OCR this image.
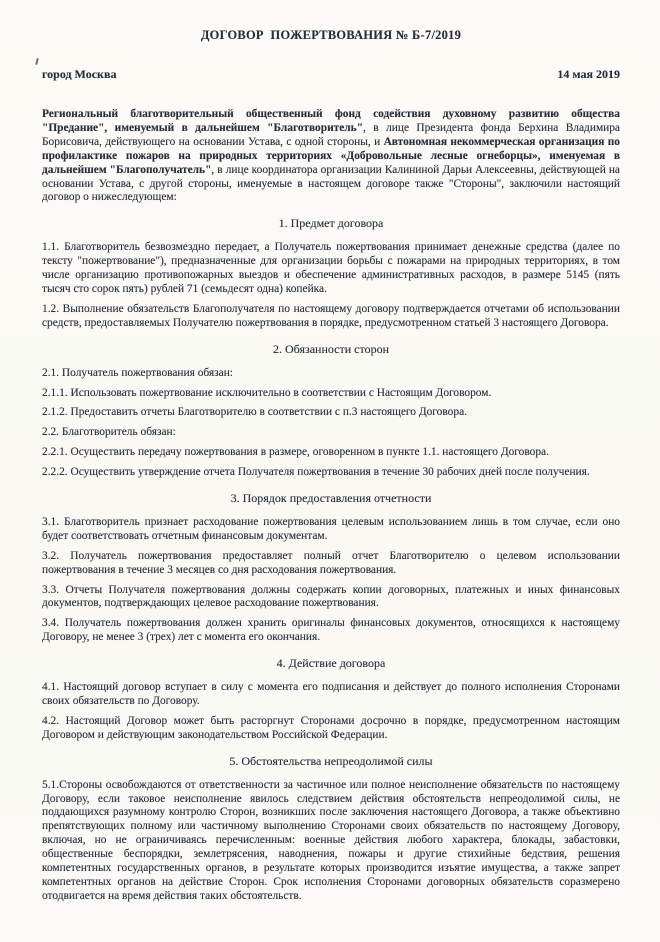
ДОГОВОР  ПОЖЕРТВОВАНИЯ № Б-7/2019
город Москва	14 мая 2019

Региональный благотворительный общественный фонд содействия духовному развитию общества "Предание", именуемый в дальнейшем "Благотворитель", в лице Президента фонда Берхина Владимира Борисовича, действующего на основании Устава, с одной стороны, и Автономная некоммерческая организация по профилактике пожаров на природных территориях «Добровольные лесные огнеборцы», именуемая в дальнейшем "Благополучатель", в лице координатора организации Калининой Дарьи Алексеевны, действующей на основании Устава, с другой стороны, именуемые в настоящем договоре также "Стороны", заключили настоящий договор о нижеследующем:

1. Предмет договора

1.1. Благотворитель безвозмездно передает, а Получатель пожертвования принимает денежные средства (далее по тексту "пожертвование"), предназначенные для организации борьбы с пожарами на природных территориях, в том числе организацию противопожарных выездов и обеспечение административных расходов, в размере 5145 (пять тысяч сто сорок пять) рублей 71 (семьдесят одна) копейка.

1.2. Выполнение обязательств Благополучателя по настоящему договору подтверждается отчетами об использовании средств, предоставляемых Получателю пожертвования в порядке, предусмотренном статьей 3 настоящего Договора.

2. Обязанности сторон

2.1. Получатель пожертвования обязан:

2.1.1. Использовать пожертвование исключительно в соответствии с Настоящим Договором.

2.1.2. Предоставить отчеты Благотворителю в соответствии с п.3 настоящего Договора.

2.2. Благотворитель обязан:

2.2.1. Осуществить передачу пожертвования в размере, оговоренном в пункте 1.1. настоящего Договора.

2.2.2. Осуществить утверждение отчета Получателя пожертвования в течение 30 рабочих дней после получения.

3. Порядок предоставления отчетности

3.1. Благотворитель признает расходование пожертвования целевым использованием лишь в том случае, если оно будет соответствовать отчетным финансовым документам.

3.2. Получатель пожертвования предоставляет полный отчет Благотворителю о целевом использовании пожертвования в течение 3 месяцев со дня расходования пожертвования.

3.3. Отчеты Получателя пожертвования должны содержать копии договорных, платежных и иных финансовых документов, подтверждающих целевое расходование пожертвования.

3.4. Получатель пожертвования должен хранить оригиналы финансовых документов, относящихся к настоящему Договору, не менее 3 (трех) лет с момента его окончания.

4. Действие договора

4.1. Настоящий договор вступает в силу с момента его подписания и действует до полного исполнения Сторонами своих обязательств по Договору.

4.2. Настоящий Договор может быть расторгнут Сторонами досрочно в порядке, предусмотренном настоящим Договором и действующим законодательством Российской Федерации.

5. Обстоятельства непреодолимой силы

5.1.Стороны освобождаются от ответственности за частичное или полное неисполнение обязательств по настоящему Договору, если таковое неисполнение явилось следствием действия обстоятельств непреодолимой силы, не поддающихся разумному контролю Сторон, возникших после заключения настоящего Договора, а также объективно препятствующих полному или частичному выполнению Сторонами своих обязательств по настоящему Договору, включая, но не ограничиваясь перечисленным: военные действия любого характера, блокады, забастовки, общественные беспорядки, землетрясения, наводнения, пожары и другие стихийные бедствия, решения компетентных государственных органов, в результате которых производится изъятие имущества, а также запрет компетентных органов на действие Сторон. Срок исполнения Сторонами договорных обязательств соразмерено отодвигается на время действия таких обстоятельств.
